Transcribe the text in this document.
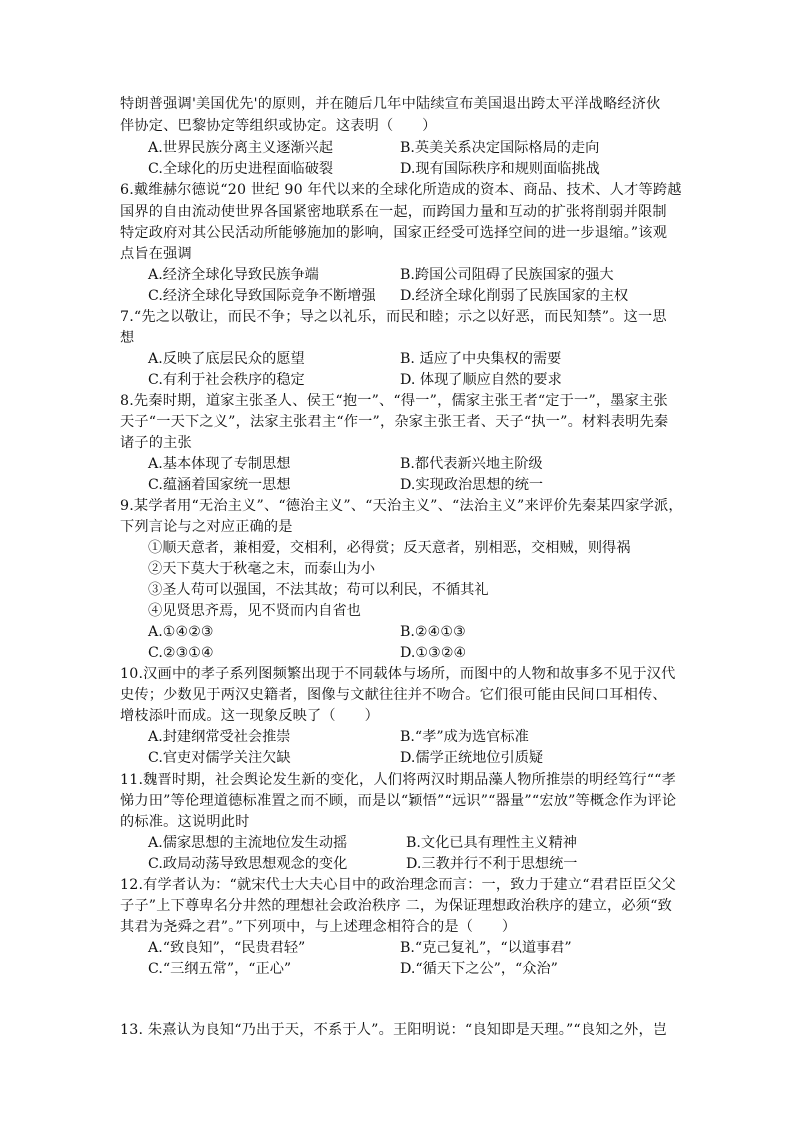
特朗普强调'美国优先'的原则，并在随后几年中陆续宣布美国退出跨太平洋战略经济伙
伴协定、巴黎协定等组织或协定。这表明（　　）
A.世界民族分离主义逐渐兴起	B.英美关系决定国际格局的走向
C.全球化的历史进程面临破裂	D.现有国际秩序和规则面临挑战
6.戴维赫尔德说“20 世纪 90 年代以来的全球化所造成的资本、商品、技术、人才等跨越
国界的自由流动使世界各国紧密地联系在一起，而跨国力量和互动的扩张将削弱并限制
特定政府对其公民活动所能够施加的影响，国家正经受可选择空间的进一步退缩。”该观
点旨在强调
A.经济全球化导致民族争端	B.跨国公司阻碍了民族国家的强大
C.经济全球化导致国际竞争不断增强 D.经济全球化削弱了民族国家的主权
7.“先之以敬让，而民不争；导之以礼乐，而民和睦；示之以好恶，而民知禁”。这一思
想
A.反映了底层民众的愿望	B. 适应了中央集权的需要
C.有利于社会秩序的稳定	D. 体现了顺应自然的要求
8.先秦时期，道家主张圣人、侯王“抱一”、“得一”，儒家主张王者“定于一”，墨家主张
天子“一天下之义”，法家主张君主“作一”，杂家主张王者、天子“执一”。材料表明先秦
诸子的主张
A.基本体现了专制思想	B.都代表新兴地主阶级
C.蕴涵着国家统一思想	D.实现政治思想的统一
9.某学者用“无治主义”、“德治主义”、“天治主义”、“法治主义”来评价先秦某四家学派，
下列言论与之对应正确的是
①顺天意者，兼相爱，交相利，必得赏；反天意者，别相恶，交相贼，则得祸
②天下莫大于秋毫之末，而泰山为小
③圣人苟可以强国，不法其故；苟可以利民，不循其礼
④见贤思齐焉，见不贤而内自省也
A.①④②③	B.②④①③
C.②③①④	D.①③②④
10.汉画中的孝子系列图频繁出现于不同载体与场所，而图中的人物和故事多不见于汉代
史传；少数见于两汉史籍者，图像与文献往往并不吻合。它们很可能由民间口耳相传、
增枝添叶而成。这一现象反映了（　　）
A.封建纲常受社会推崇	B.“孝”成为选官标准
C.官吏对儒学关注欠缺	D.儒学正统地位引质疑
11.魏晋时期，社会舆论发生新的变化，人们将两汉时期品藻人物所推崇的明经笃行““孝
悌力田”等伦理道德标准置之而不顾，而是以“颖悟”“远识”“器量”“宏放”等概念作为评论
的标准。这说明此时
A.儒家思想的主流地位发生动摇	B.文化已具有理性主义精神
C.政局动荡导致思想观念的变化	D.三教并行不利于思想统一
12.有学者认为：“就宋代士大夫心目中的政治理念而言：一，致力于建立“君君臣臣父父
子子”上下尊卑名分井然的理想社会政治秩序 二，为保证理想政治秩序的建立，必须“致
其君为尧舜之君”。”下列项中，与上述理念相符合的是（　　）
A.“致良知”，“民贵君轻”	B.“克己复礼”，“以道事君”
C.“三纲五常”，“正心”	D.“循天下之公”，“众治”
13. 朱熹认为良知“乃出于天，不系于人”。王阳明说：“良知即是天理。”“良知之外，岂
